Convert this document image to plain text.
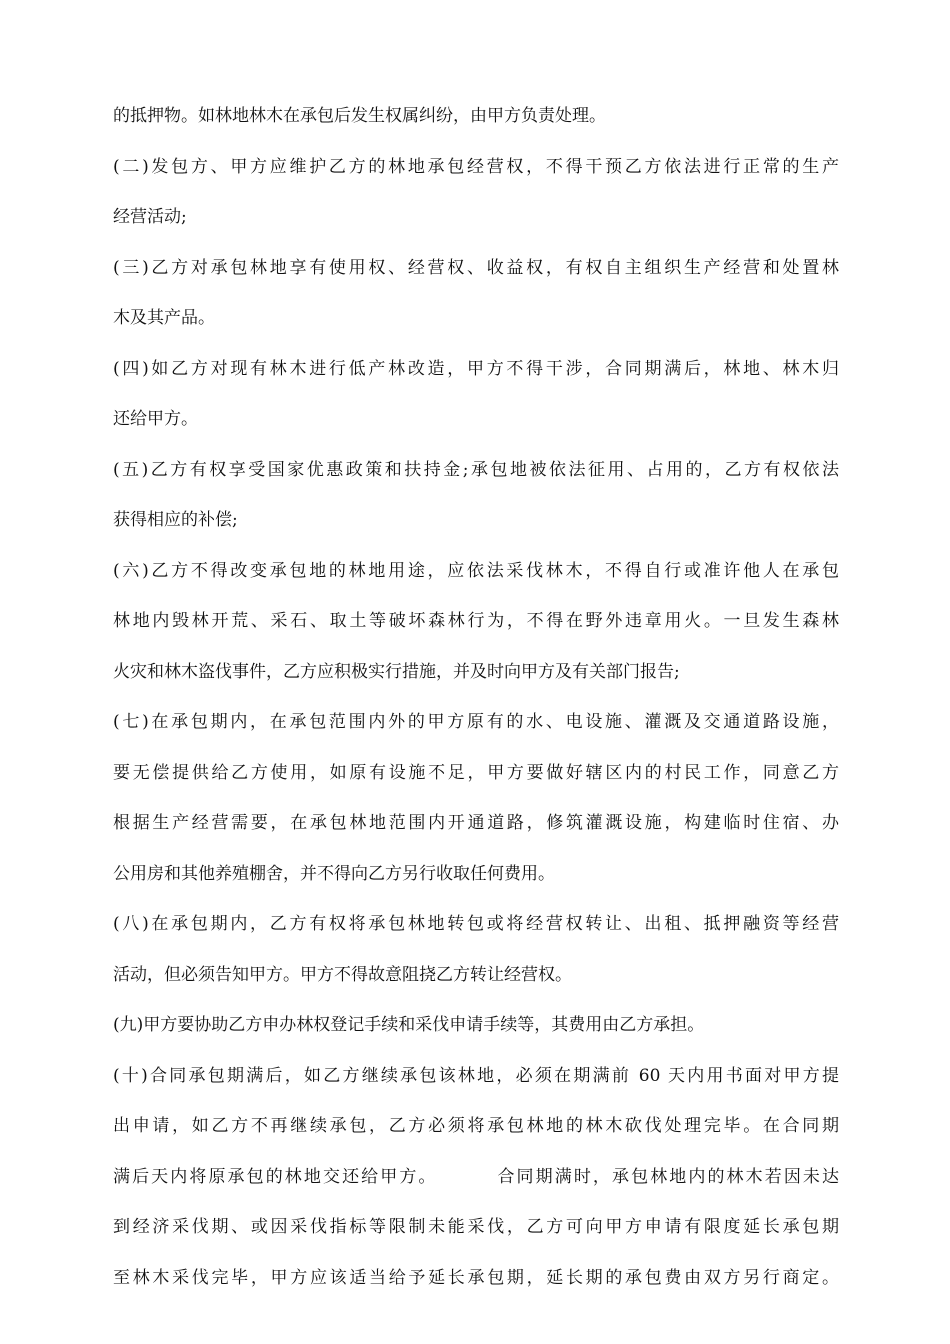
的抵押物。如林地林木在承包后发生权属纠纷，由甲方负责处理。
(二)发包方、甲方应维护乙方的林地承包经营权，不得干预乙方依法进行正常的生产
经营活动;
(三)乙方对承包林地享有使用权、经营权、收益权，有权自主组织生产经营和处置林
木及其产品。
(四)如乙方对现有林木进行低产林改造，甲方不得干涉，合同期满后，林地、林木归
还给甲方。
(五)乙方有权享受国家优惠政策和扶持金;承包地被依法征用、占用的，乙方有权依法
获得相应的补偿;
(六)乙方不得改变承包地的林地用途，应依法采伐林木，不得自行或准许他人在承包
林地内毁林开荒、采石、取土等破坏森林行为，不得在野外违章用火。一旦发生森林
火灾和林木盗伐事件，乙方应积极实行措施，并及时向甲方及有关部门报告;
(七)在承包期内，在承包范围内外的甲方原有的水、电设施、灌溉及交通道路设施，
要无偿提供给乙方使用，如原有设施不足，甲方要做好辖区内的村民工作，同意乙方
根据生产经营需要，在承包林地范围内开通道路，修筑灌溉设施，构建临时住宿、办
公用房和其他养殖棚舍，并不得向乙方另行收取任何费用。
(八)在承包期内，乙方有权将承包林地转包或将经营权转让、出租、抵押融资等经营
活动，但必须告知甲方。甲方不得故意阻挠乙方转让经营权。
(九)甲方要协助乙方申办林权登记手续和采伐申请手续等，其费用由乙方承担。
(十)合同承包期满后，如乙方继续承包该林地，必须在期满前 60 天内用书面对甲方提
出申请，如乙方不再继续承包，乙方必须将承包林地的林木砍伐处理完毕。在合同期
满后天内将原承包的林地交还给甲方。        合同期满时，承包林地内的林木若因未达
到经济采伐期、或因采伐指标等限制未能采伐，乙方可向甲方申请有限度延长承包期
至林木采伐完毕，甲方应该适当给予延长承包期，延长期的承包费由双方另行商定。
